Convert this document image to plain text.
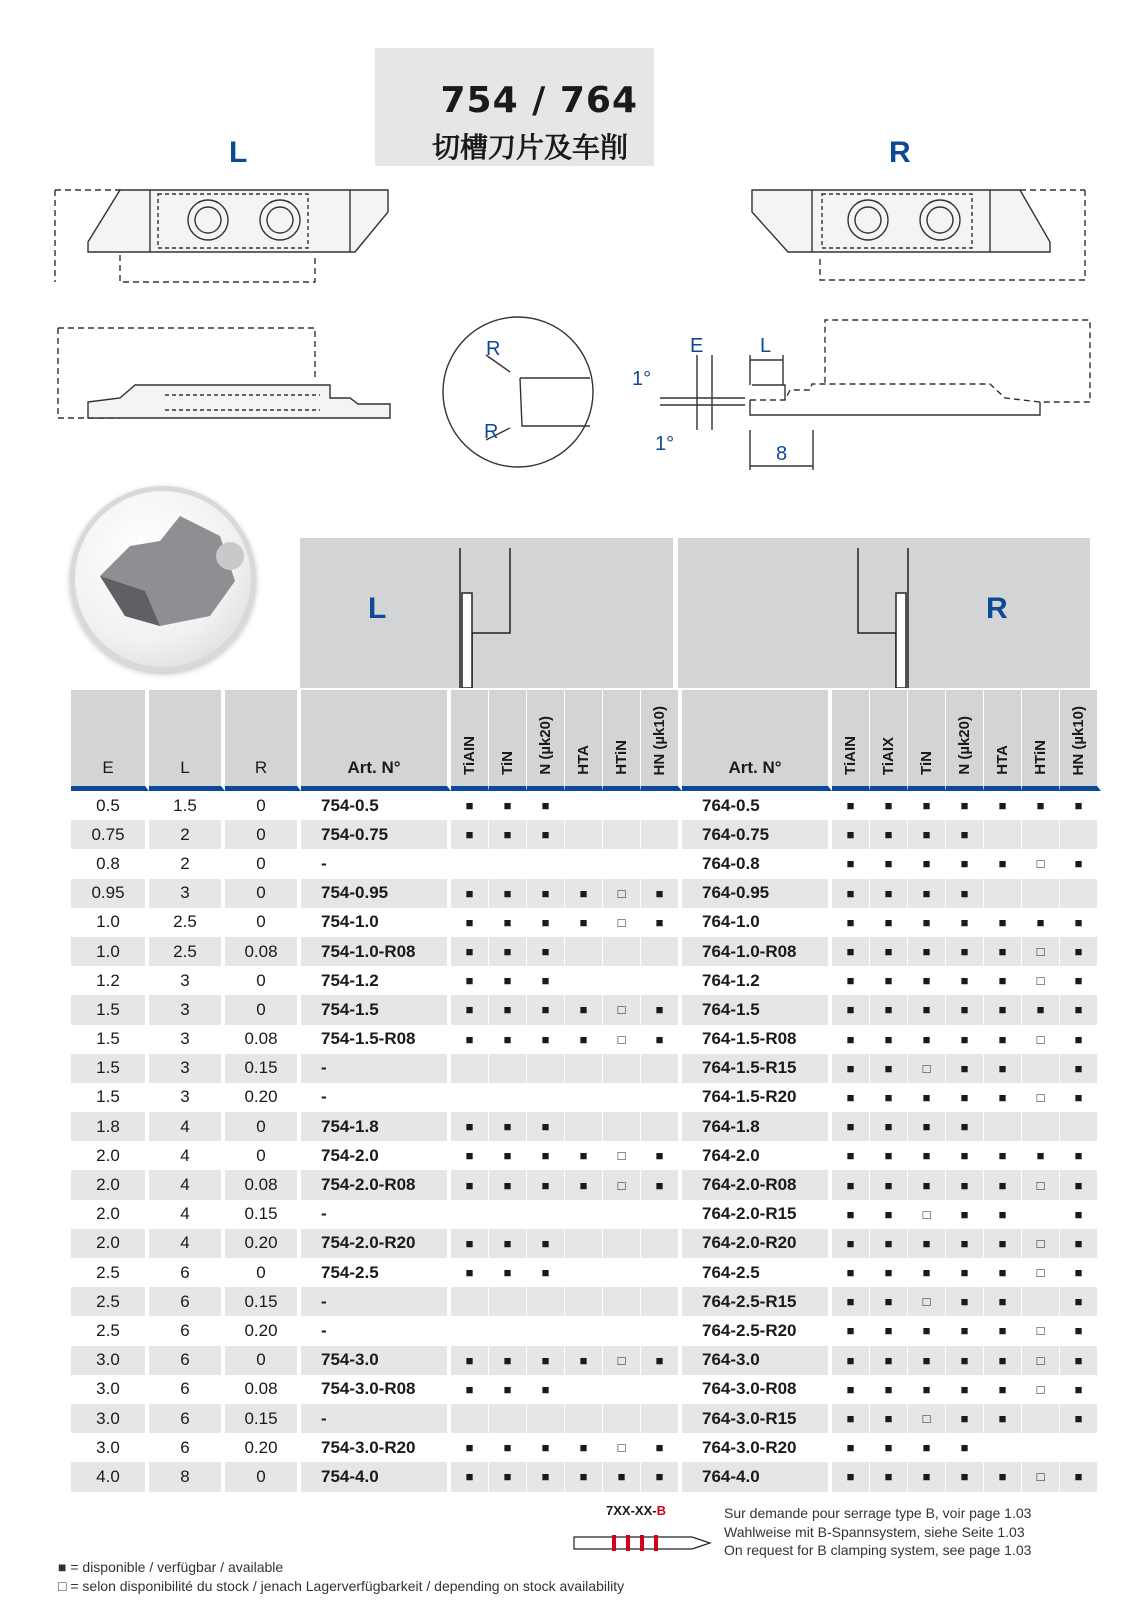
754 / 764
切槽刀片及车削
L	R
R
R
1°
1°
E	L
8
L	R
E	L	R	Art. N°	TiAIN	TiN	N (µk20)	HTA	HTiN	HN (µk10)	Art. N°	TiAIN	TiAIX	TiN	N (µk20)	HTA	HTiN	HN (µk10)
0.5	1.5	0	754-0.5	■	■	■				764-0.5	■	■	■	■	■	■	■
0.75	2	0	754-0.75	■	■	■				764-0.75	■	■	■	■			
0.8	2	0	-							764-0.8	■	■	■	■	■	□	■
0.95	3	0	754-0.95	■	■	■	■	□	■	764-0.95	■	■	■	■			
1.0	2.5	0	754-1.0	■	■	■	■	□	■	764-1.0	■	■	■	■	■	■	■
1.0	2.5	0.08	754-1.0-R08	■	■	■				764-1.0-R08	■	■	■	■	■	□	■
1.2	3	0	754-1.2	■	■	■				764-1.2	■	■	■	■	■	□	■
1.5	3	0	754-1.5	■	■	■	■	□	■	764-1.5	■	■	■	■	■	■	■
1.5	3	0.08	754-1.5-R08	■	■	■	■	□	■	764-1.5-R08	■	■	■	■	■	□	■
1.5	3	0.15	-							764-1.5-R15	■	■	□	■	■		■
1.5	3	0.20	-							764-1.5-R20	■	■	■	■	■	□	■
1.8	4	0	754-1.8	■	■	■				764-1.8	■	■	■	■			
2.0	4	0	754-2.0	■	■	■	■	□	■	764-2.0	■	■	■	■	■	■	■
2.0	4	0.08	754-2.0-R08	■	■	■	■	□	■	764-2.0-R08	■	■	■	■	■	□	■
2.0	4	0.15	-							764-2.0-R15	■	■	□	■	■		■
2.0	4	0.20	754-2.0-R20	■	■	■				764-2.0-R20	■	■	■	■	■	□	■
2.5	6	0	754-2.5	■	■	■				764-2.5	■	■	■	■	■	□	■
2.5	6	0.15	-							764-2.5-R15	■	■	□	■	■		■
2.5	6	0.20	-							764-2.5-R20	■	■	■	■	■	□	■
3.0	6	0	754-3.0	■	■	■	■	□	■	764-3.0	■	■	■	■	■	□	■
3.0	6	0.08	754-3.0-R08	■	■	■				764-3.0-R08	■	■	■	■	■	□	■
3.0	6	0.15	-							764-3.0-R15	■	■	□	■	■		■
3.0	6	0.20	754-3.0-R20	■	■	■	■	□	■	764-3.0-R20	■	■	■	■			
4.0	8	0	754-4.0	■	■	■	■	■	■	764-4.0	■	■	■	■	■	□	■
7XX-XX-B	Sur demande pour serrage type B, voir page 1.03
Wahlweise mit B-Spannsystem, siehe Seite 1.03
On request for B clamping system, see page 1.03
■ = disponible / verfügbar / available
□ = selon disponibilité du stock / jenach Lagerverfügbarkeit / depending on stock availability
